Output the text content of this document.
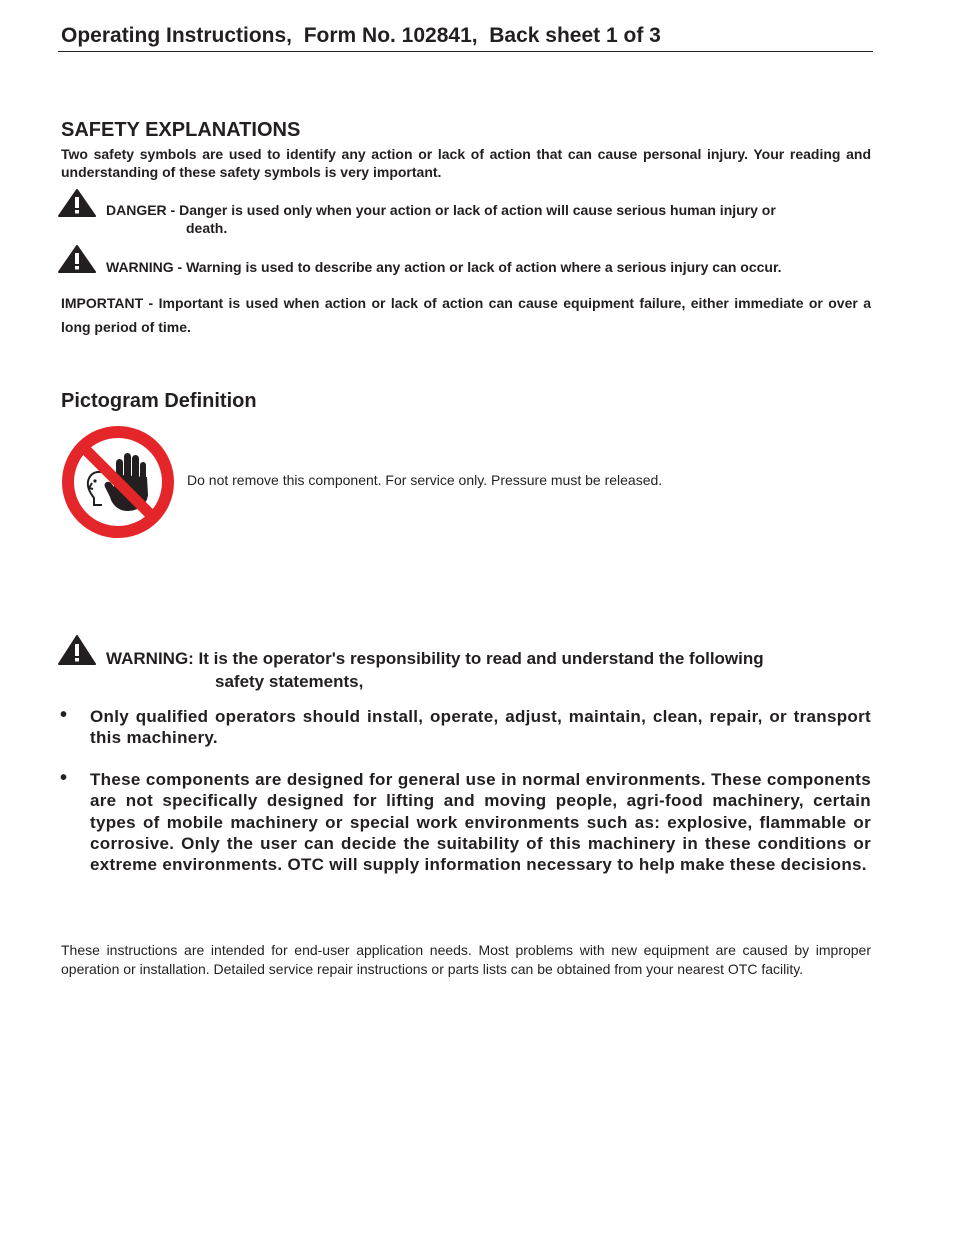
Operating Instructions,  Form No. 102841,  Back sheet 1 of 3
SAFETY EXPLANATIONS
Two safety symbols are used to identify any action or lack of action that can cause personal injury. Your reading and understanding of these safety symbols is very important.
DANGER - Danger is used only when your action or lack of action will cause serious human injury or
death.
WARNING - Warning is used to describe any action or lack of action where a serious injury can occur.
IMPORTANT - Important is used when action or lack of action can cause equipment failure, either immediate or over a long period of time.
Pictogram Definition
Do not remove this component. For service only. Pressure must be released.
WARNING: It is the operator's responsibility to read and understand the following
safety statements,
• Only qualified operators should install, operate, adjust, maintain, clean, repair, or transport this machinery.
• These components are designed for general use in normal environments. These components are not specifically designed for lifting and moving people, agri-food machinery, certain types of mobile machinery or special work environments such as: explosive, flammable or corrosive. Only the user can decide the suitability of this machinery in these conditions or extreme environments. OTC will supply information necessary to help make these decisions.
These instructions are intended for end-user application needs. Most problems with new equipment are caused by improper operation or installation. Detailed service repair instructions or parts lists can be obtained from your nearest OTC facility.
